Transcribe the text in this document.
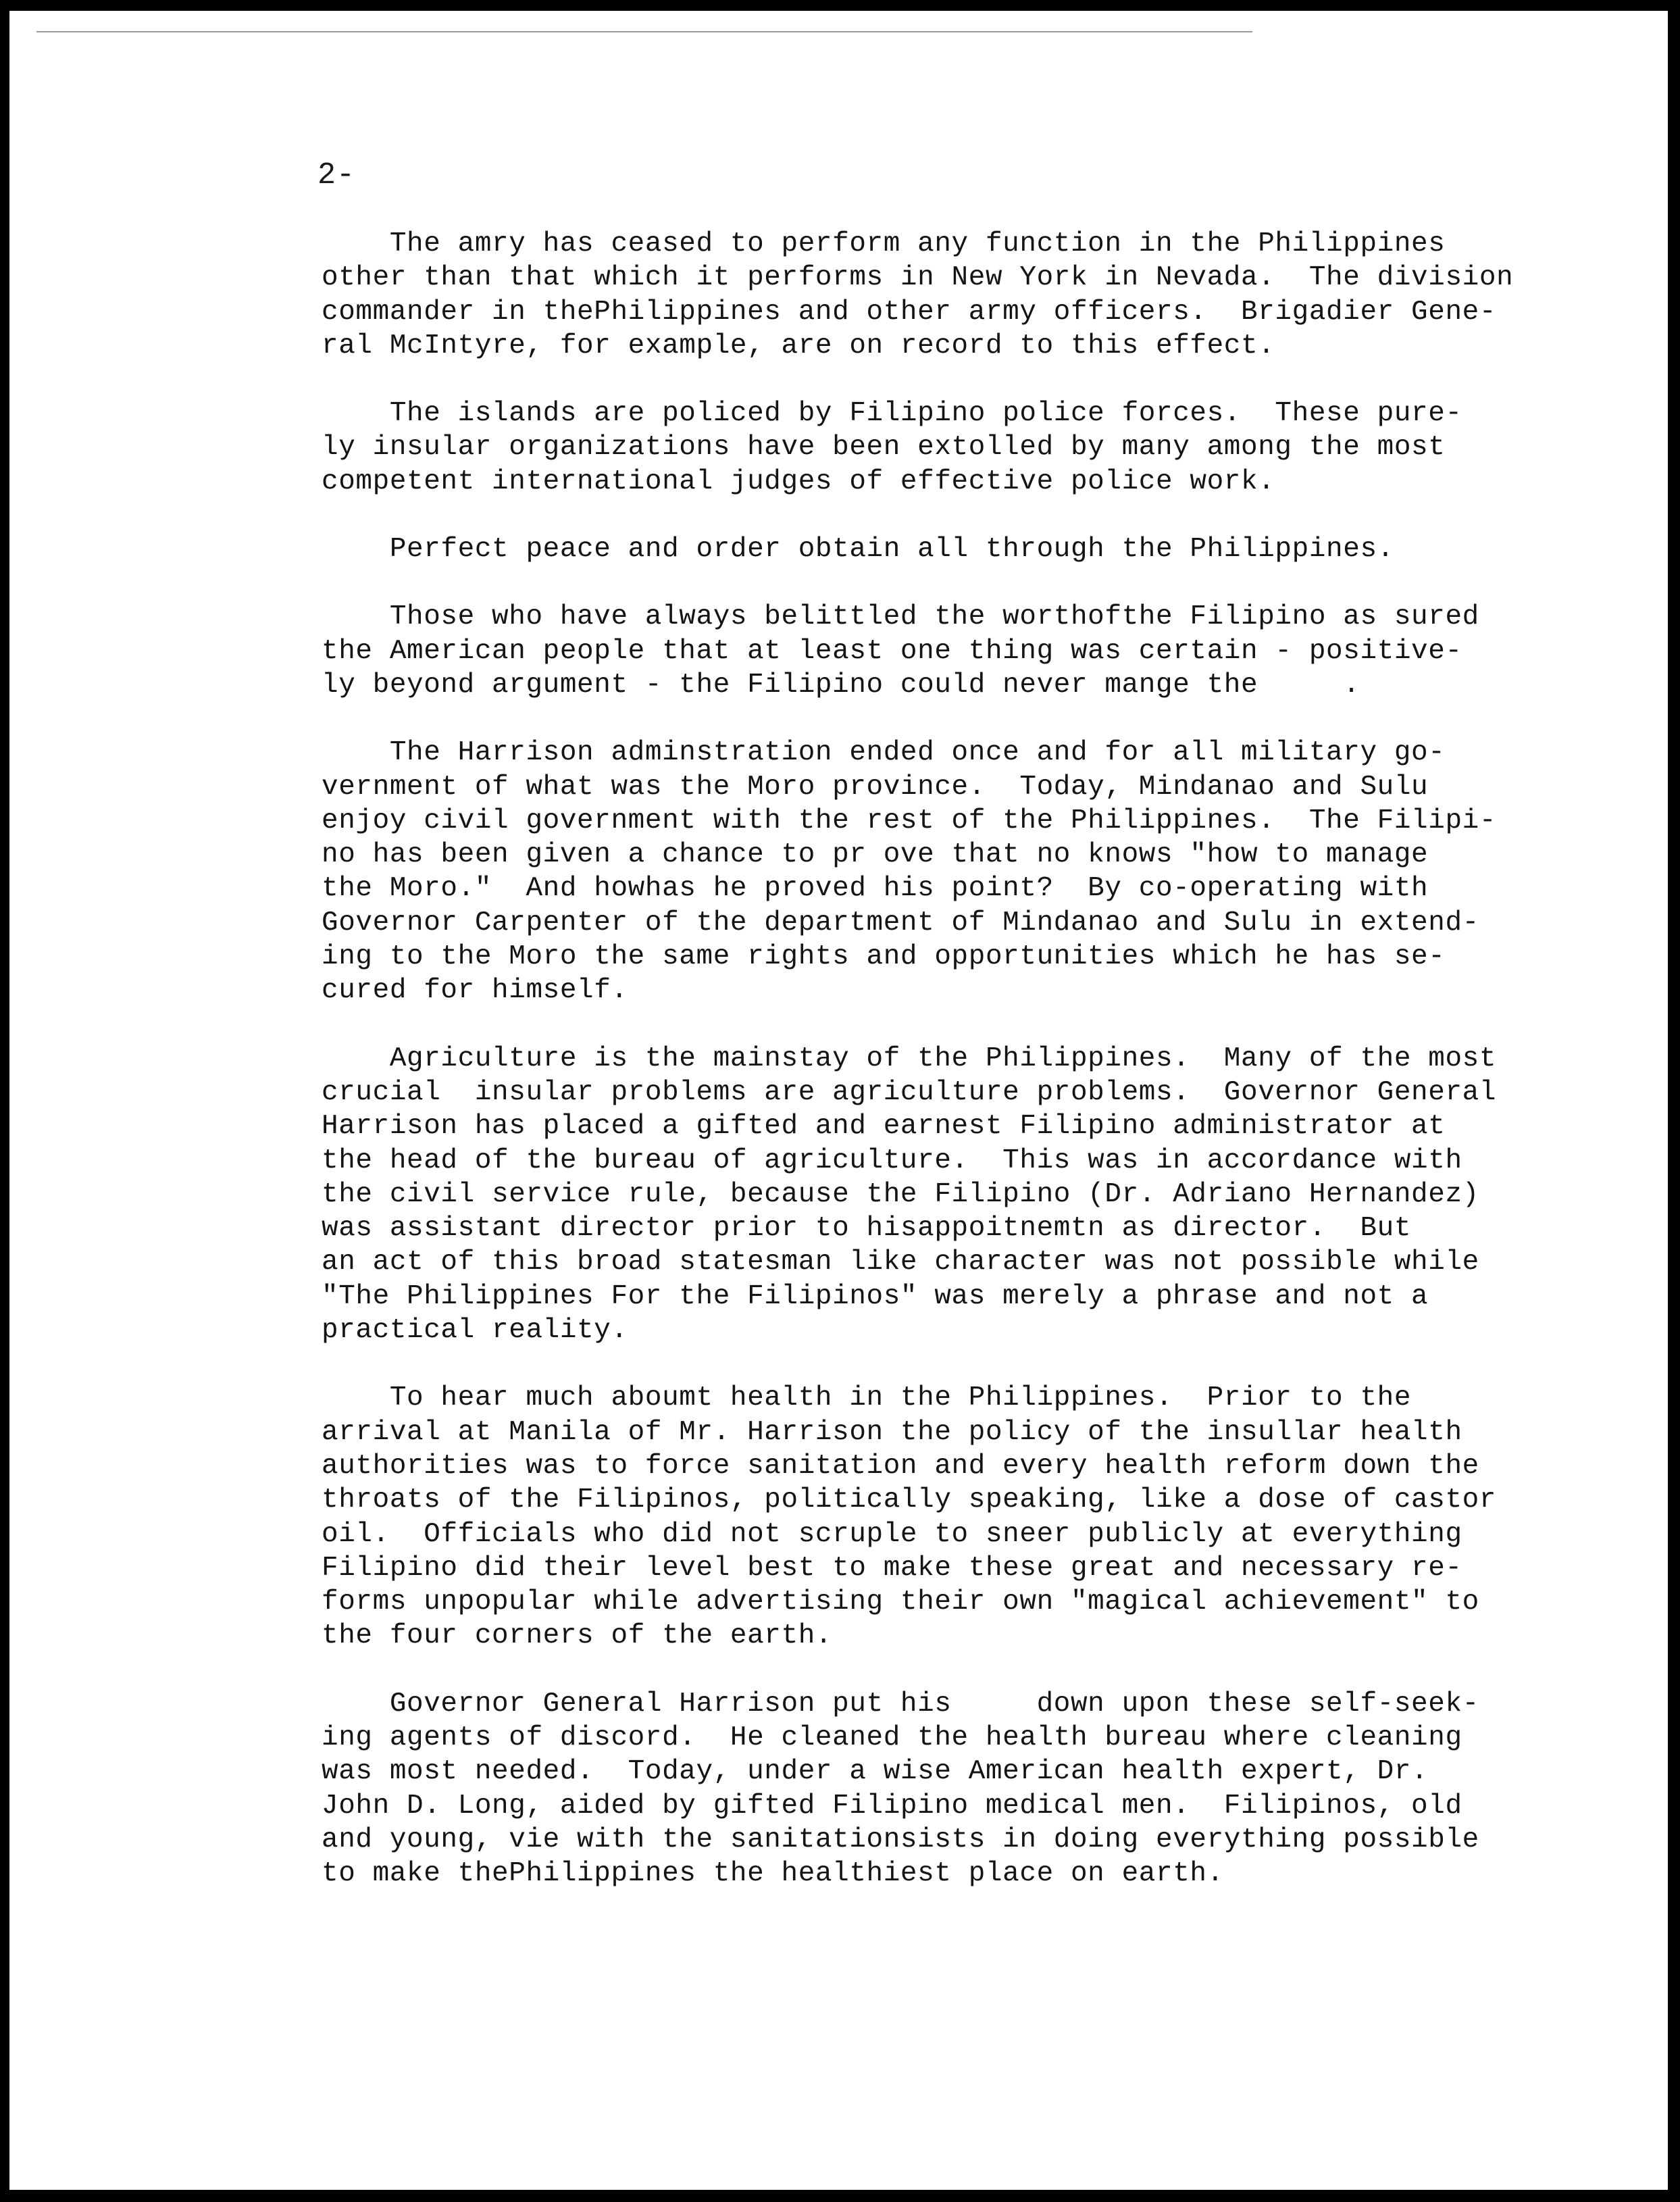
2-
The amry has ceased to perform any function in the Philippines
other than that which it performs in New York in Nevada.  The division
commander in thePhilippines and other army officers.  Brigadier Gene-
ral McIntyre, for example, are on record to this effect.
The islands are policed by Filipino police forces.  These pure-
ly insular organizations have been extolled by many among the most
competent international judges of effective police work.
Perfect peace and order obtain all through the Philippines.
Those who have always belittled the worthofthe Filipino as sured
the American people that at least one thing was certain - positive-
ly beyond argument - the Filipino could never mange the     .
The Harrison adminstration ended once and for all military go-
vernment of what was the Moro province.  Today, Mindanao and Sulu
enjoy civil government with the rest of the Philippines.  The Filipi-
no has been given a chance to pr ove that no knows "how to manage
the Moro."  And howhas he proved his point?  By co-operating with
Governor Carpenter of the department of Mindanao and Sulu in extend-
ing to the Moro the same rights and opportunities which he has se-
cured for himself.
Agriculture is the mainstay of the Philippines.  Many of the most
crucial  insular problems are agriculture problems.  Governor General
Harrison has placed a gifted and earnest Filipino administrator at
the head of the bureau of agriculture.  This was in accordance with
the civil service rule, because the Filipino (Dr. Adriano Hernandez)
was assistant director prior to hisappoitnemtn as director.  But
an act of this broad statesman like character was not possible while
"The Philippines For the Filipinos" was merely a phrase and not a
practical reality.
To hear much aboumt health in the Philippines.  Prior to the
arrival at Manila of Mr. Harrison the policy of the insullar health
authorities was to force sanitation and every health reform down the
throats of the Filipinos, politically speaking, like a dose of castor
oil.  Officials who did not scruple to sneer publicly at everything
Filipino did their level best to make these great and necessary re-
forms unpopular while advertising their own "magical achievement" to
the four corners of the earth.
Governor General Harrison put his     down upon these self-seek-
ing agents of discord.  He cleaned the health bureau where cleaning
was most needed.  Today, under a wise American health expert, Dr.
John D. Long, aided by gifted Filipino medical men.  Filipinos, old
and young, vie with the sanitationsists in doing everything possible
to make thePhilippines the healthiest place on earth.
